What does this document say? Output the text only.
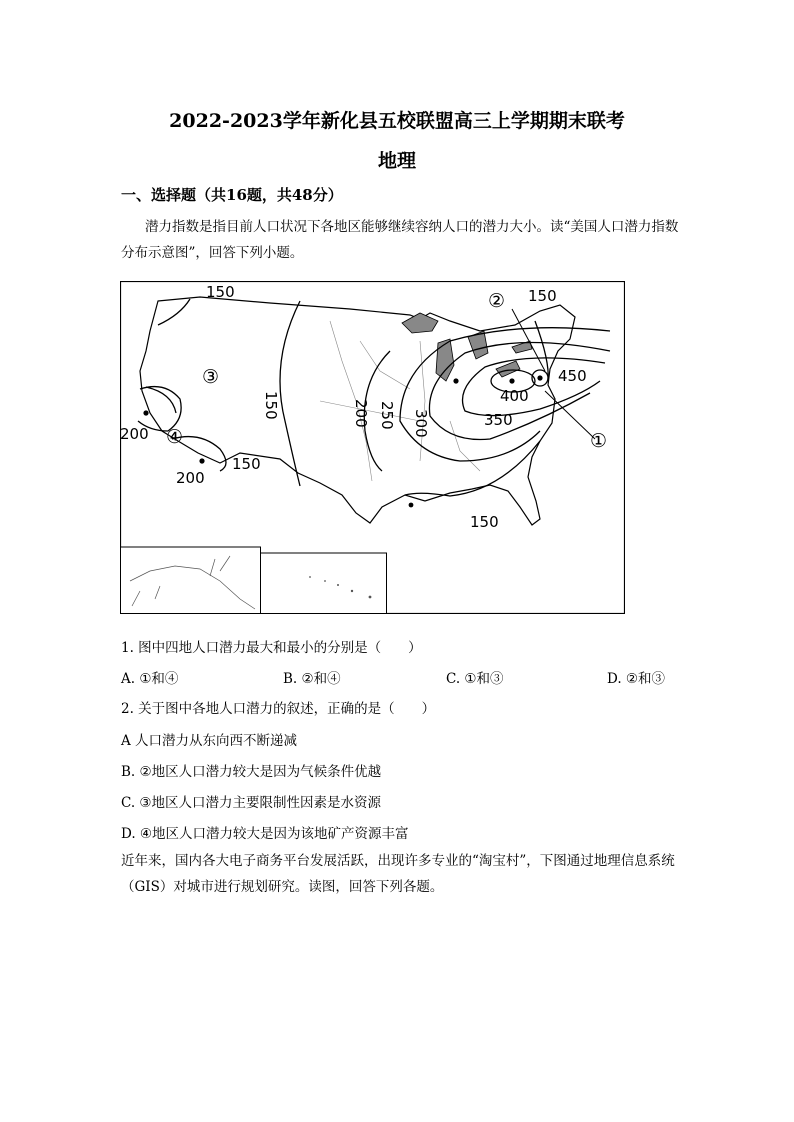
2022-2023学年新化县五校联盟高三上学期期末联考
地理
一、选择题（共16题，共48分）
潜力指数是指目前人口状况下各地区能够继续容纳人口的潜力大小。读“美国人口潜力指数分布示意图”，回答下列小题。
150	150
150	200 250 300	350
400
450
200
200
150
150
①
②
③
④
1. 图中四地人口潜力最大和最小的分别是（　　）
A. ①和④	B. ②和④	C. ①和③	D. ②和③
2. 关于图中各地人口潜力的叙述，正确的是（　　）
A 人口潜力从东向西不断递减
B. ②地区人口潜力较大是因为气候条件优越
C. ③地区人口潜力主要限制性因素是水资源
D. ④地区人口潜力较大是因为该地矿产资源丰富
近年来，国内各大电子商务平台发展活跃，出现许多专业的“淘宝村”，下图通过地理信息系统（GIS）对城市进行规划研究。读图，回答下列各题。
